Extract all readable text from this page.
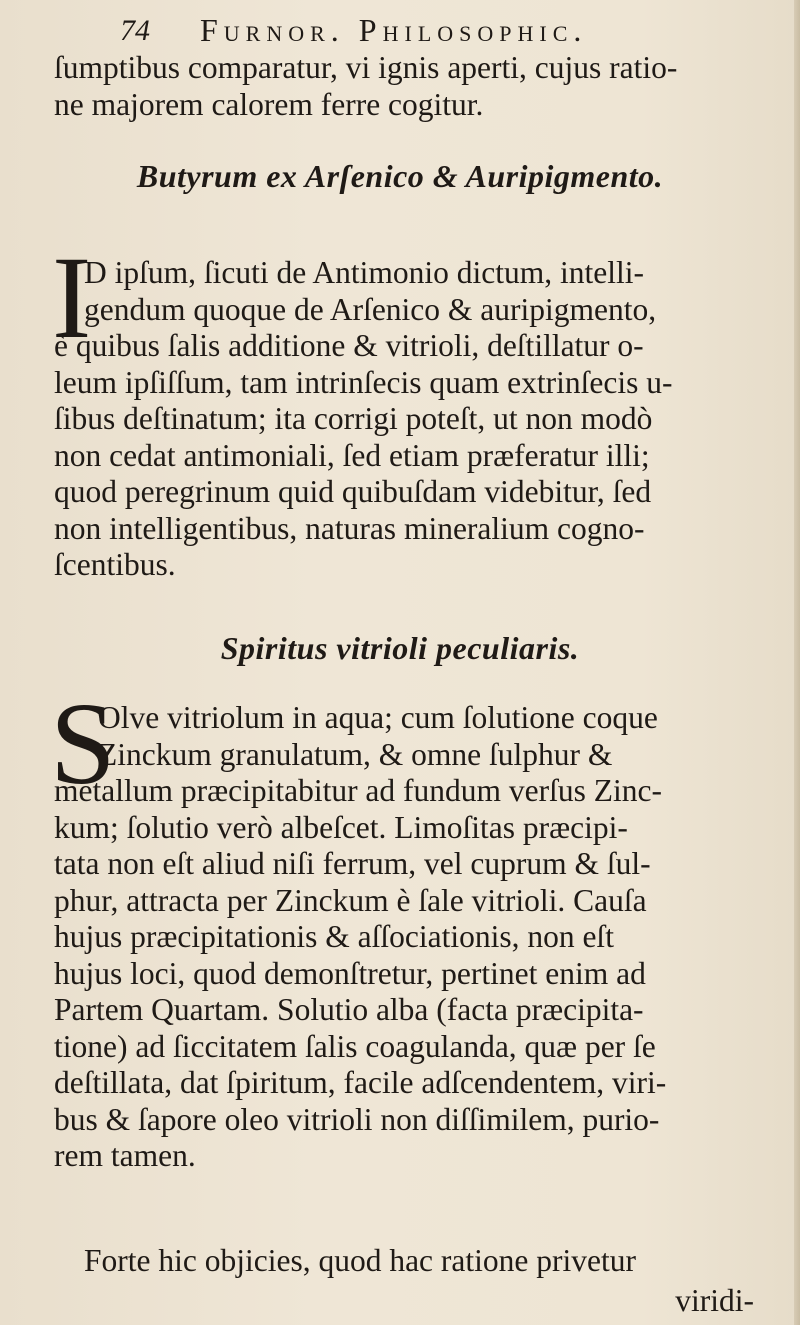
74 Furnor. Philosophic.
ſumptibus comparatur, vi ignis aperti, cujus ratio-
ne majorem calorem ferre cogitur.
Butyrum ex Arſenico & Auripigmento.
I
D ipſum, ſicuti de Antimonio dictum, intelli-
gendum quoque de Arſenico & auripigmento,
è quibus ſalis additione & vitrioli, deſtillatur o-
leum ipſiſſum, tam intrinſecis quam extrinſecis u-
ſibus deſtinatum; ita corrigi poteſt, ut non modò
non cedat antimoniali, ſed etiam præferatur illi;
quod peregrinum quid quibuſdam videbitur, ſed
non intelligentibus, naturas mineralium cogno-
ſcentibus.
Spiritus vitrioli peculiaris.
S
Olve vitriolum in aqua; cum ſolutione coque
Zinckum granulatum, & omne ſulphur &
metallum præcipitabitur ad fundum verſus Zinc-
kum; ſolutio verò albeſcet. Limoſitas præcipi-
tata non eſt aliud niſi ferrum, vel cuprum & ſul-
phur, attracta per Zinckum è ſale vitrioli. Cauſa
hujus præcipitationis & aſſociationis, non eſt
hujus loci, quod demonſtretur, pertinet enim ad
Partem Quartam. Solutio alba (facta præcipita-
tione) ad ſiccitatem ſalis coagulanda, quæ per ſe
deſtillata, dat ſpiritum, facile adſcendentem, viri-
bus & ſapore oleo vitrioli non diſſimilem, purio-
rem tamen.
Forte hic objicies, quod hac ratione privetur
viridi-
